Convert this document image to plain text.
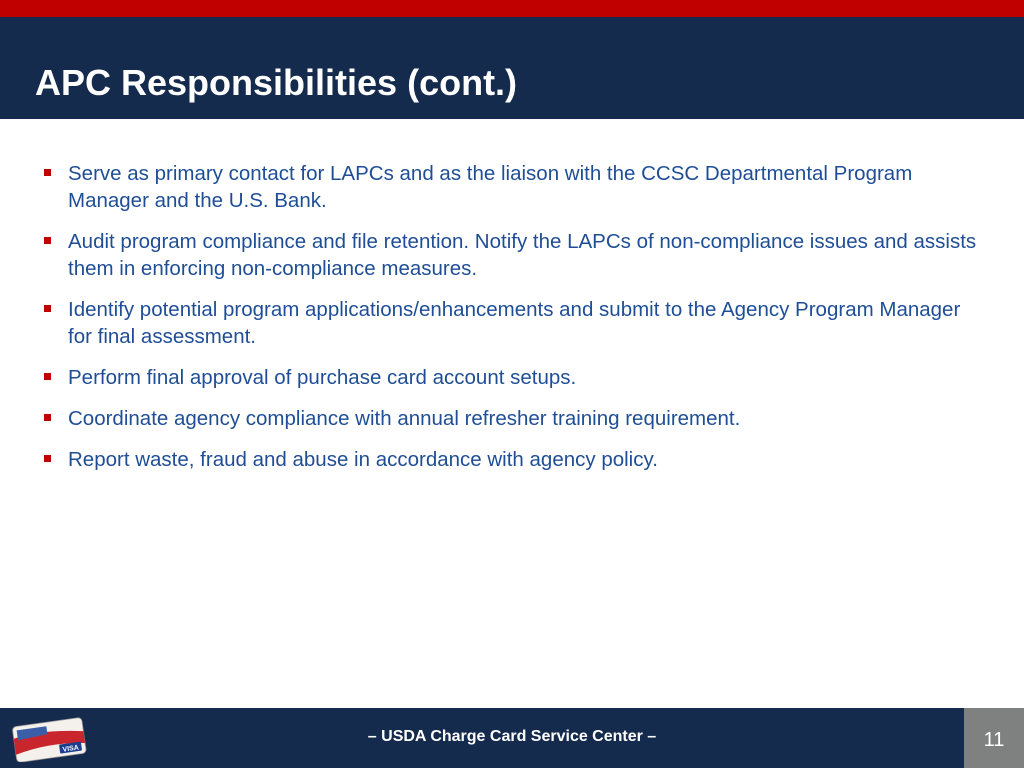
APC Responsibilities (cont.)
Serve as primary contact for LAPCs and as the liaison with the CCSC Departmental Program Manager and the U.S. Bank.
Audit program compliance and file retention. Notify the LAPCs of non-compliance issues and assists them in enforcing non-compliance measures.
Identify potential program applications/enhancements and submit to the Agency Program Manager for final assessment.
Perform final approval of purchase card account setups.
Coordinate agency compliance with annual refresher training requirement.
Report waste, fraud and abuse in accordance with agency policy.
VISA
– USDA Charge Card Service Center –	11
